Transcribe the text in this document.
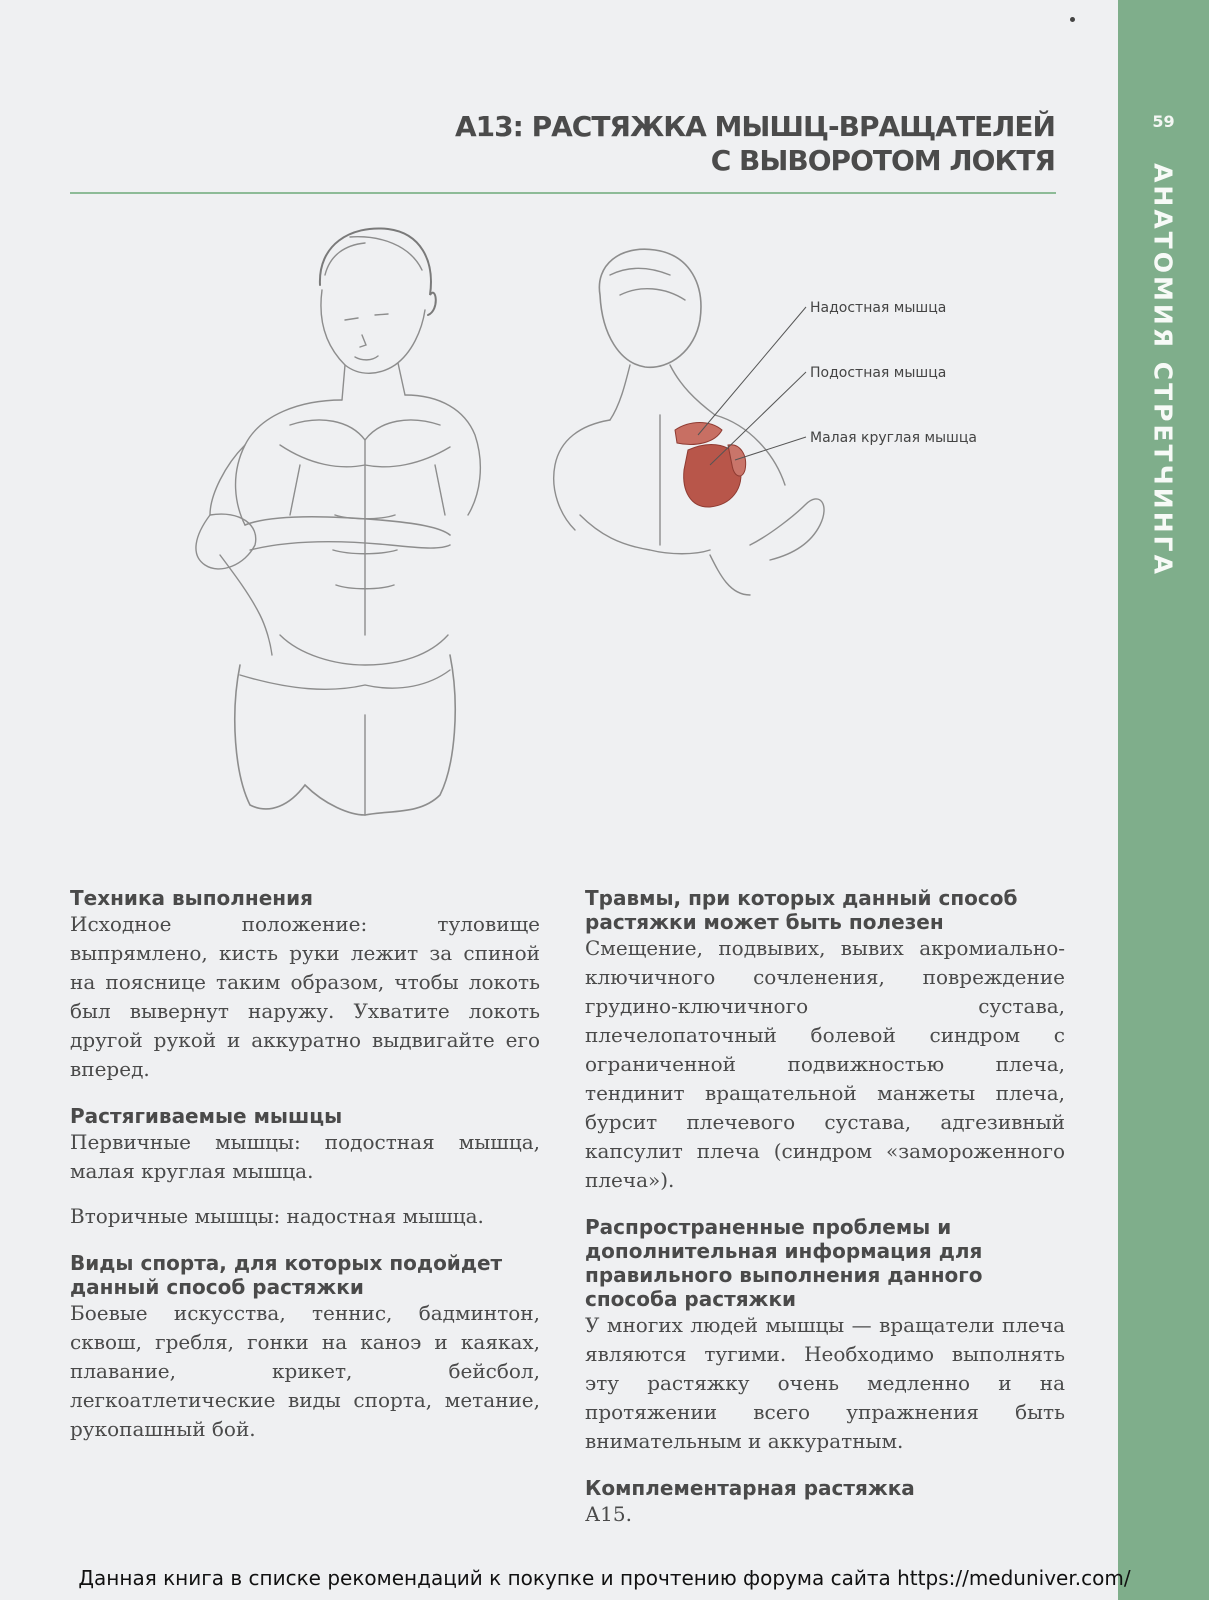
59
АНАТОМИЯ СТРЕТЧИНГА
А13: РАСТЯЖКА МЫШЦ-ВРАЩАТЕЛЕЙ
С ВЫВОРОТОМ ЛОКТЯ
Надостная мышца
Подостная мышца
Малая круглая мышца
Техника выполнения
Исходное положение: туловище выпрямлено, кисть руки лежит за спиной на пояснице таким образом, чтобы локоть был вывернут наружу. Ухватите локоть другой рукой и аккуратно выдвигайте его вперед.
Растягиваемые мышцы
Первичные мышцы: подостная мышца, малая круглая мышца.
Вторичные мышцы: надостная мышца.
Виды спорта, для которых подойдет данный способ растяжки
Боевые искусства, теннис, бадминтон, сквош, гребля, гонки на каноэ и каяках, плавание, крикет, бейсбол, легкоатлетические виды спорта, метание, рукопашный бой.
Травмы, при которых данный способ растяжки может быть полезен
Смещение, подвывих, вывих акромиально-ключичного сочленения, повреждение грудино-ключичного сустава, плечелопаточный болевой синдром с ограниченной подвижностью плеча, тендинит вращательной манжеты плеча, бурсит плечевого сустава, адгезивный капсулит плеча (синдром «замороженного плеча»).
Распространенные проблемы и дополнительная информация для правильного выполнения данного способа растяжки
У многих людей мышцы — вращатели плеча являются тугими. Необходимо выполнять эту растяжку очень медленно и на протяжении всего упражнения быть внимательным и аккуратным.
Комплементарная растяжка
А15.
Данная книга в списке рекомендаций к покупке и прочтению форума сайта https://meduniver.com/
